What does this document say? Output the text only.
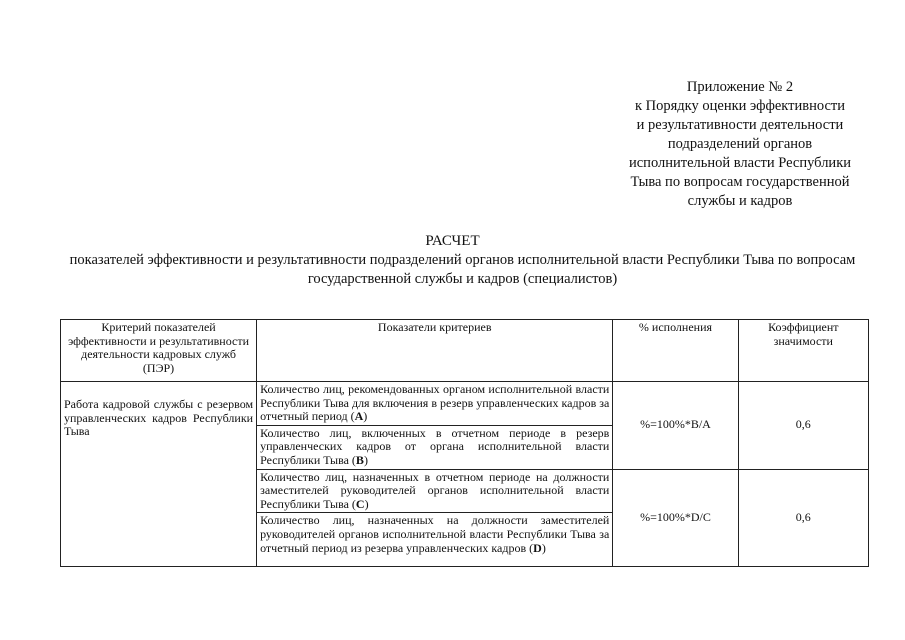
Приложение № 2
к Порядку оценки эффективности
и результативности деятельности
подразделений органов
исполнительной власти Республики
Тыва по вопросам государственной
службы и кадров
РАСЧЕТ
показателей эффективности и результативности подразделений органов исполнительной власти Республики Тыва по вопросам государственной службы и кадров (специалистов)
Критерий показателей эффективности и результативности деятельности кадровых служб (ПЭР)	Показатели критериев	% исполнения	Коэффициент значимости
Работа кадровой службы с резервом управленческих кадров Республики Тыва	Количество лиц, рекомендованных органом исполнительной власти Республики Тыва для включения в резерв управленческих кадров за отчетный период (A)	%=100%*B/A	0,6
	Количество лиц, включенных в отчетном периоде в резерв управленческих кадров от органа исполнительной власти Республики Тыва (B)		
	Количество лиц, назначенных в отчетном периоде на должности заместителей руководителей органов исполнительной власти Республики Тыва (C)	%=100%*D/C	0,6
	Количество лиц, назначенных на должности заместителей руководителей органов исполнительной власти Республики Тыва за отчетный период из резерва управленческих кадров (D)		
